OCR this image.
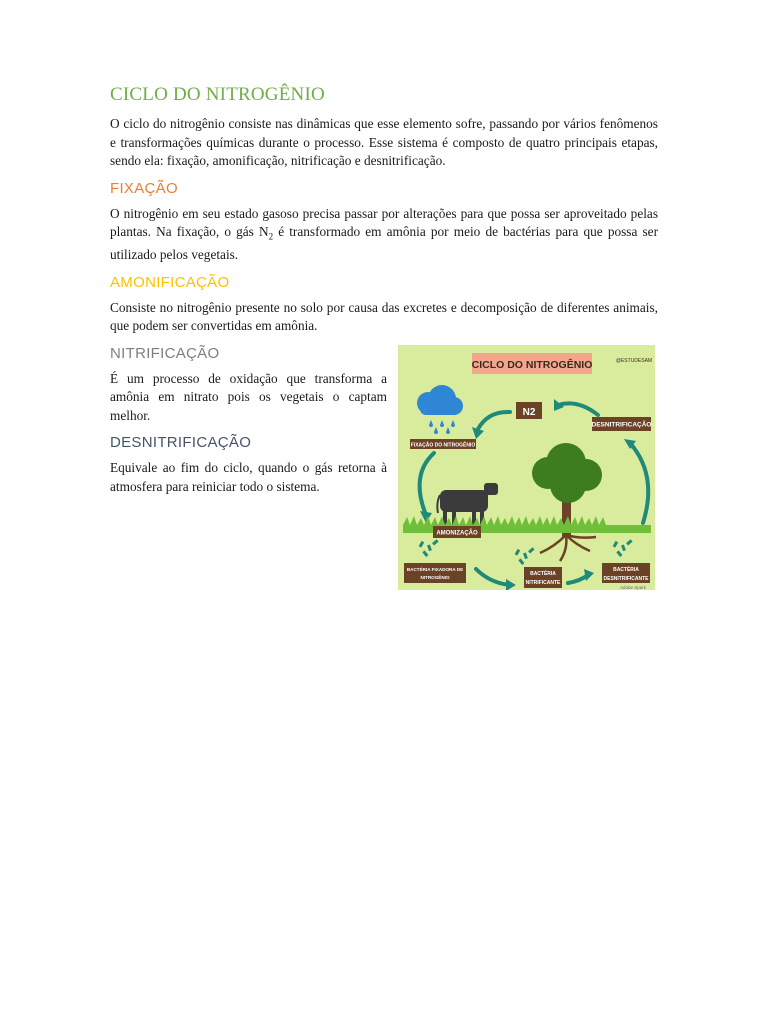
CICLO DO NITROGÊNIO

O ciclo do nitrogênio consiste nas dinâmicas que esse elemento sofre, passando por vários fenômenos e transformações químicas durante o processo. Esse sistema é composto de quatro principais etapas, sendo ela: fixação, amonificação, nitrificação e desnitrificação.

FIXAÇÃO

O nitrogênio em seu estado gasoso precisa passar por alterações para que possa ser aproveitado pelas plantas. Na fixação, o gás $N_2$ é transformado em amônia por meio de bactérias para que possa ser utilizado pelos vegetais.

AMONIFICAÇÃO

Consiste no nitrogênio presente no solo por causa das excretes e decomposição de diferentes animais, que podem ser convertidas em amônia.

NITRIFICAÇÃO

É um processo de oxidação que transforma a amônia em nitrato pois os vegetais o captam melhor.

DESNITRIFICAÇÃO

Equivale ao fim do ciclo, quando o gás retorna à atmosfera para reiniciar todo o sistema.

CICLO DO NITROGÊNIO	@ESTUDESAM
N2
FIXAÇÃO DO NITROGÊNIO
DESNITRIFICAÇÃO
AMONIZAÇÃO
BACTÉRIA FIXADORA DE
NITROGÊNIO
BACTÉRIA
NITRIFICANTE
BACTÉRIA
DESNITRIFICANTE
Adobe Spark
